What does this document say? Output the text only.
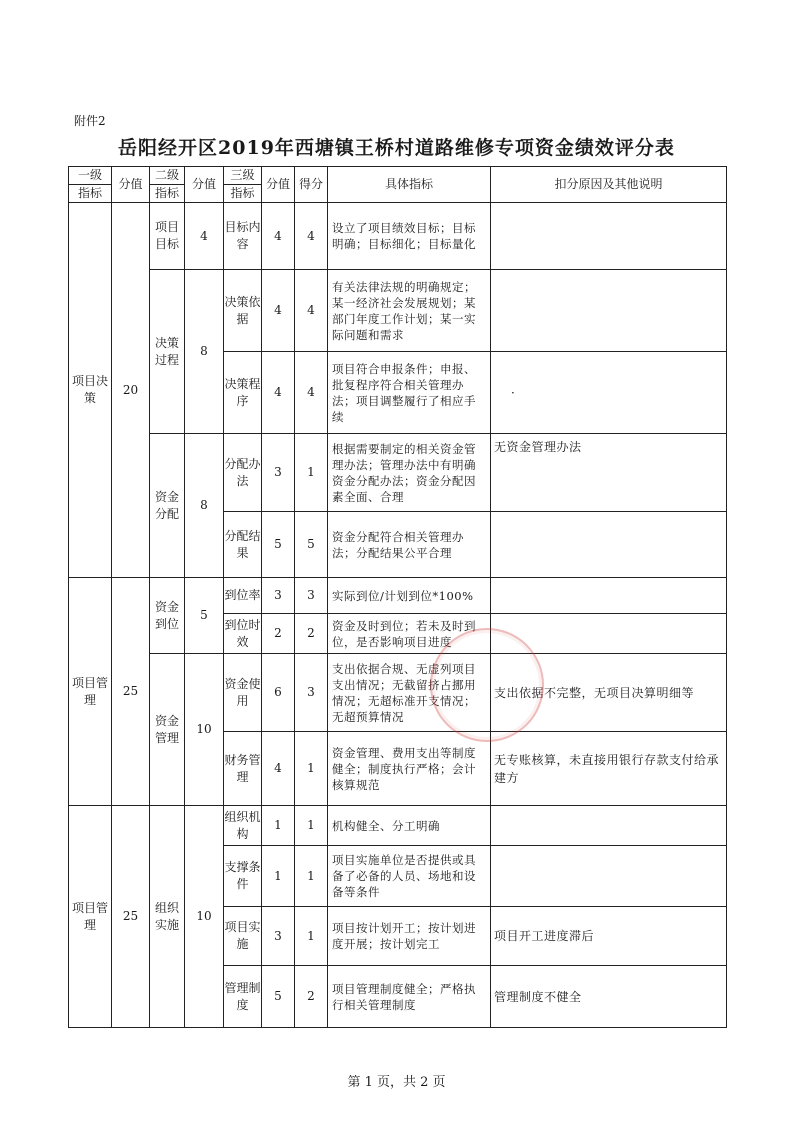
附件2
岳阳经开区2019年西塘镇王桥村道路维修专项资金绩效评分表
一级	分值	二级	分值	三级	分值	得分	具体指标	扣分原因及其他说明
指标		指标		指标				
项目决策	20	项目目标	4	目标内容	4	4	设立了项目绩效目标；目标明确；目标细化；目标量化	
		决策过程	8	决策依据	4	4	有关法律法规的明确规定；某一经济社会发展规划；某部门年度工作计划；某一实际问题和需求	
				决策程序	4	4	项目符合申报条件；申报、批复程序符合相关管理办法；项目调整履行了相应手续	·
		资金分配	8	分配办法	3	1	根据需要制定的相关资金管理办法；管理办法中有明确资金分配办法；资金分配因素全面、合理	无资金管理办法
				分配结果	5	5	资金分配符合相关管理办法；分配结果公平合理	
项目管理	25	资金到位	5	到位率	3	3	实际到位/计划到位*100%	
				到位时效	2	2	资金及时到位；若未及时到位，是否影响项目进度	
		资金管理	10	资金使用	6	3	支出依据合规、无虚列项目支出情况；无截留挤占挪用情况；无超标准开支情况；无超预算情况	支出依据不完整，无项目决算明细等
				财务管理	4	1	资金管理、费用支出等制度健全；制度执行严格；会计核算规范	无专账核算，未直接用银行存款支付给承建方
项目管理	25	组织实施	10	组织机构	1	1	机构健全、分工明确	
				支撑条件	1	1	项目实施单位是否提供或具备了必备的人员、场地和设备等条件	
				项目实施	3	1	项目按计划开工；按计划进度开展；按计划完工	项目开工进度滞后
				管理制度	5	2	项目管理制度健全；严格执行相关管理制度	管理制度不健全
第 1 页，共 2 页
